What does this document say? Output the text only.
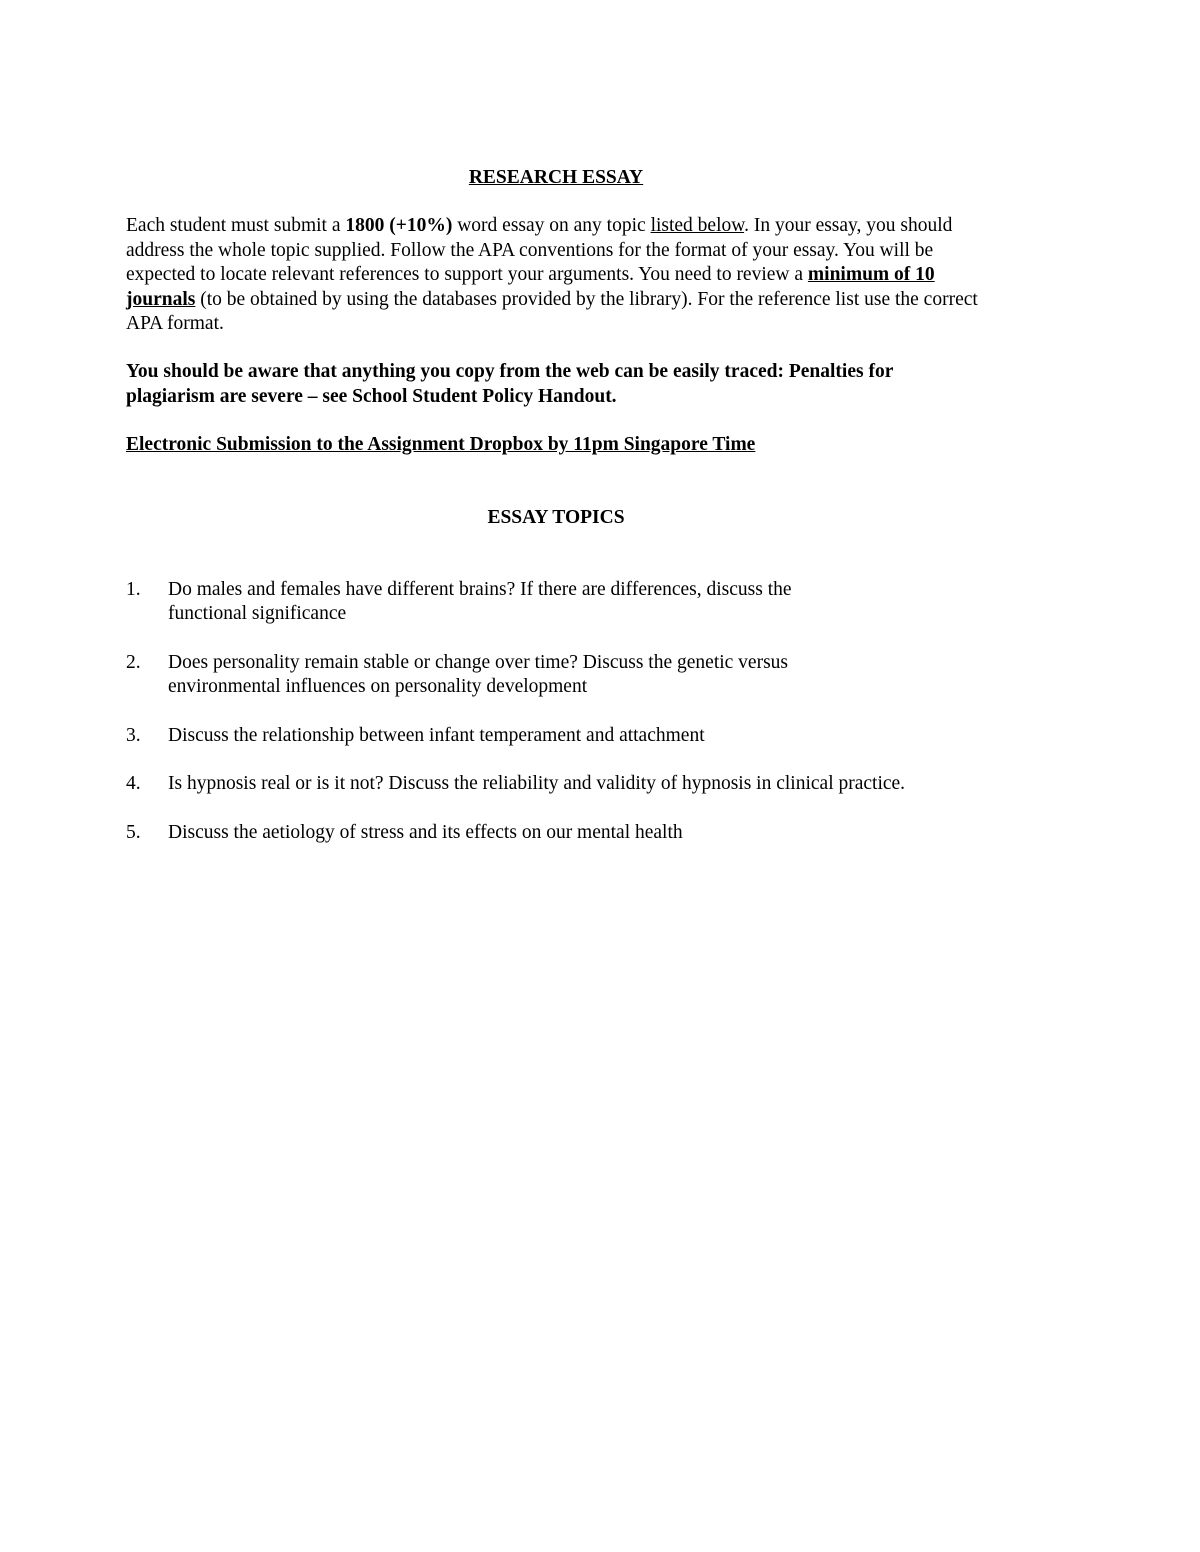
RESEARCH ESSAY

Each student must submit a 1800 (+10%) word essay on any topic listed below. In your essay, you should address the whole topic supplied. Follow the APA conventions for the format of your essay. You will be expected to locate relevant references to support your arguments. You need to review a minimum of 10 journals (to be obtained by using the databases provided by the library). For the reference list use the correct APA format.

You should be aware that anything you copy from the web can be easily traced: Penalties for plagiarism are severe – see School Student Policy Handout.

Electronic Submission to the Assignment Dropbox by 11pm Singapore Time

ESSAY TOPICS

1. Do males and females have different brains? If there are differences, discuss the functional significance
2. Does personality remain stable or change over time? Discuss the genetic versus environmental influences on personality development
3. Discuss the relationship between infant temperament and attachment
4. Is hypnosis real or is it not? Discuss the reliability and validity of hypnosis in clinical practice.
5. Discuss the aetiology of stress and its effects on our mental health
